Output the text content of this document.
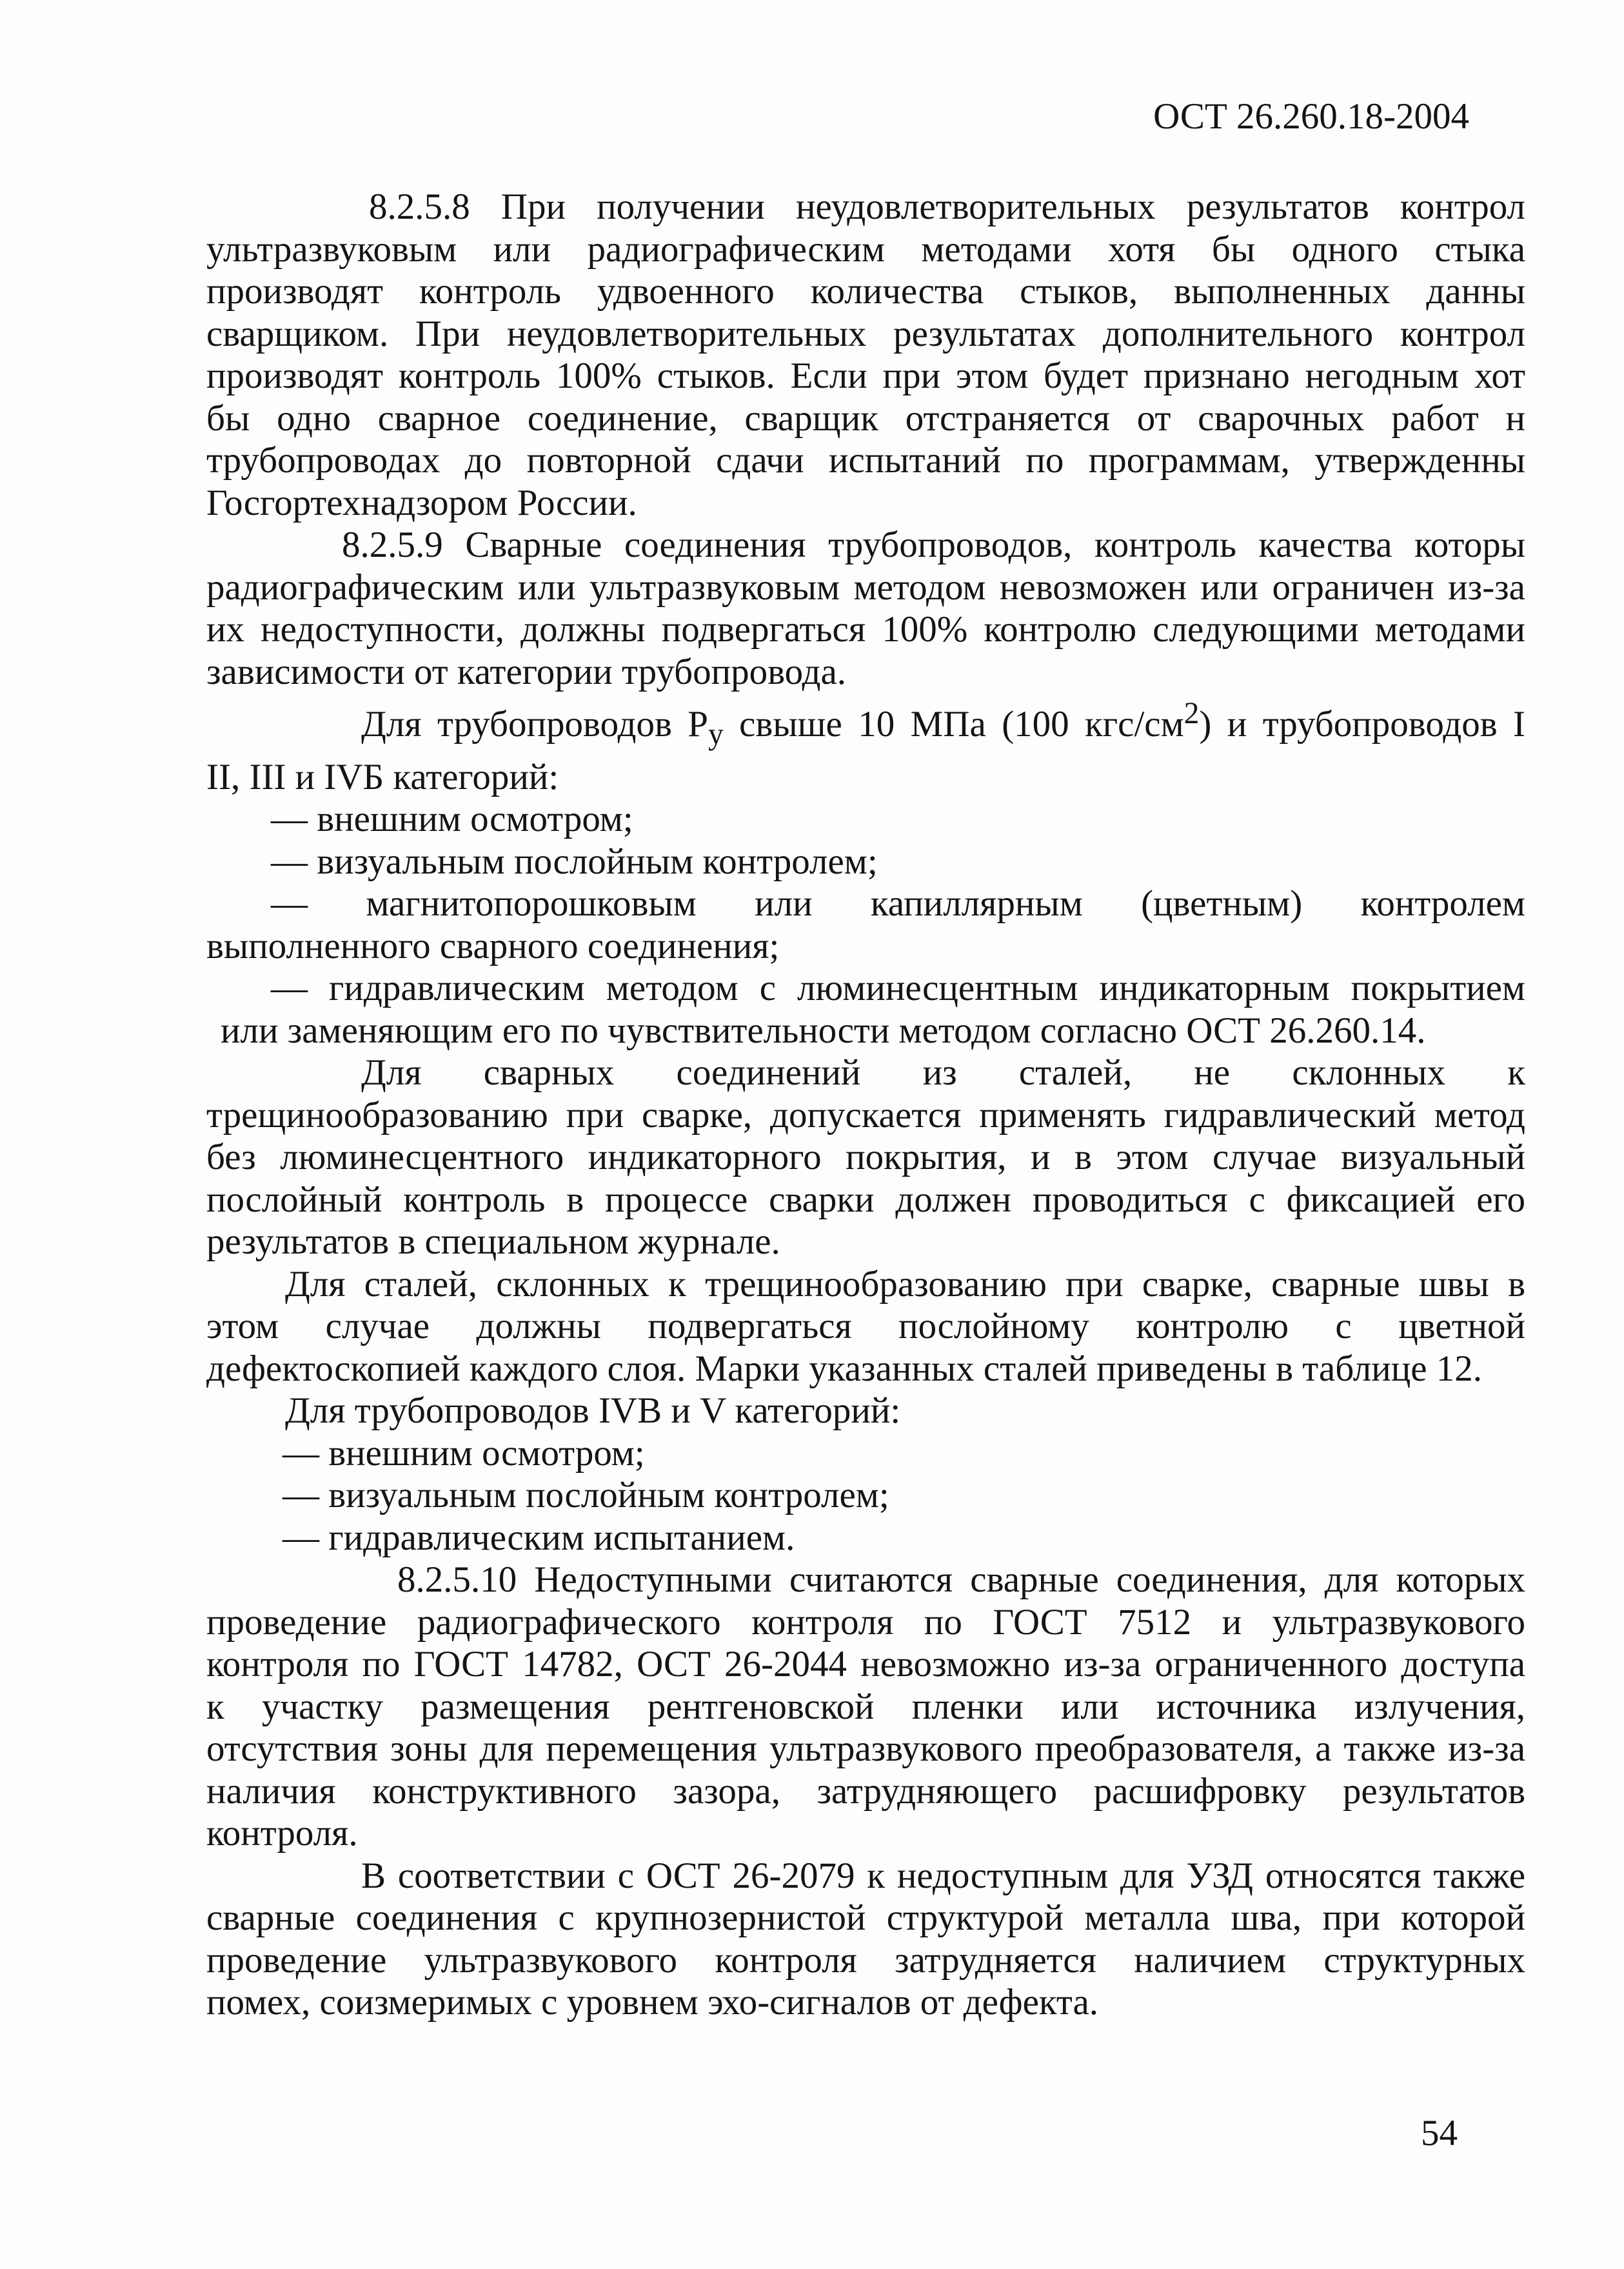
ОСТ 26.260.18-2004
8.2.5.8 При получении неудовлетворительных результатов контрол
ультразвуковым или радиографическим методами хотя бы одного стыка
производят контроль удвоенного количества стыков, выполненных данны
сварщиком. При неудовлетворительных результатах дополнительного контрол
производят контроль 100% стыков. Если при этом будет признано негодным хот
бы одно сварное соединение, сварщик отстраняется от сварочных работ н
трубопроводах до повторной сдачи испытаний по программам, утвержденны
Госгортехнадзором России.
8.2.5.9 Сварные соединения трубопроводов, контроль качества которы
радиографическим или ультразвуковым методом невозможен или ограничен из-за
их недоступности, должны подвергаться 100% контролю следующими методами
зависимости от категории трубопровода.
Для трубопроводов $Р_у$ свыше 10 МПа (100 кгс/$см^2$) и трубопроводов I
II, III и IVБ категорий:
— внешним осмотром;
— визуальным послойным контролем;
— магнитопорошковым или капиллярным (цветным) контролем
выполненного сварного соединения;
— гидравлическим методом с люминесцентным индикаторным покрытием
или заменяющим его по чувствительности методом согласно ОСТ 26.260.14.
Для сварных соединений из сталей, не склонных к
трещинообразованию при сварке, допускается применять гидравлический метод
без люминесцентного индикаторного покрытия, и в этом случае визуальный
послойный контроль в процессе сварки должен проводиться с фиксацией его
результатов в специальном журнале.
Для сталей, склонных к трещинообразованию при сварке, сварные швы в
этом случае должны подвергаться послойному контролю с цветной
дефектоскопией каждого слоя. Марки указанных сталей приведены в таблице 12.
Для трубопроводов IVВ и V категорий:
— внешним осмотром;
— визуальным послойным контролем;
— гидравлическим испытанием.
8.2.5.10 Недоступными считаются сварные соединения, для которых
проведение радиографического контроля по ГОСТ 7512 и ультразвукового
контроля по ГОСТ 14782, ОСТ 26-2044 невозможно из-за ограниченного доступа
к участку размещения рентгеновской пленки или источника излучения,
отсутствия зоны для перемещения ультразвукового преобразователя, а также из-за
наличия конструктивного зазора, затрудняющего расшифровку результатов
контроля.
В соответствии с ОСТ 26-2079 к недоступным для УЗД относятся также
сварные соединения с крупнозернистой структурой металла шва, при которой
проведение ультразвукового контроля затрудняется наличием структурных
помех, соизмеримых с уровнем эхо-сигналов от дефекта.
54
